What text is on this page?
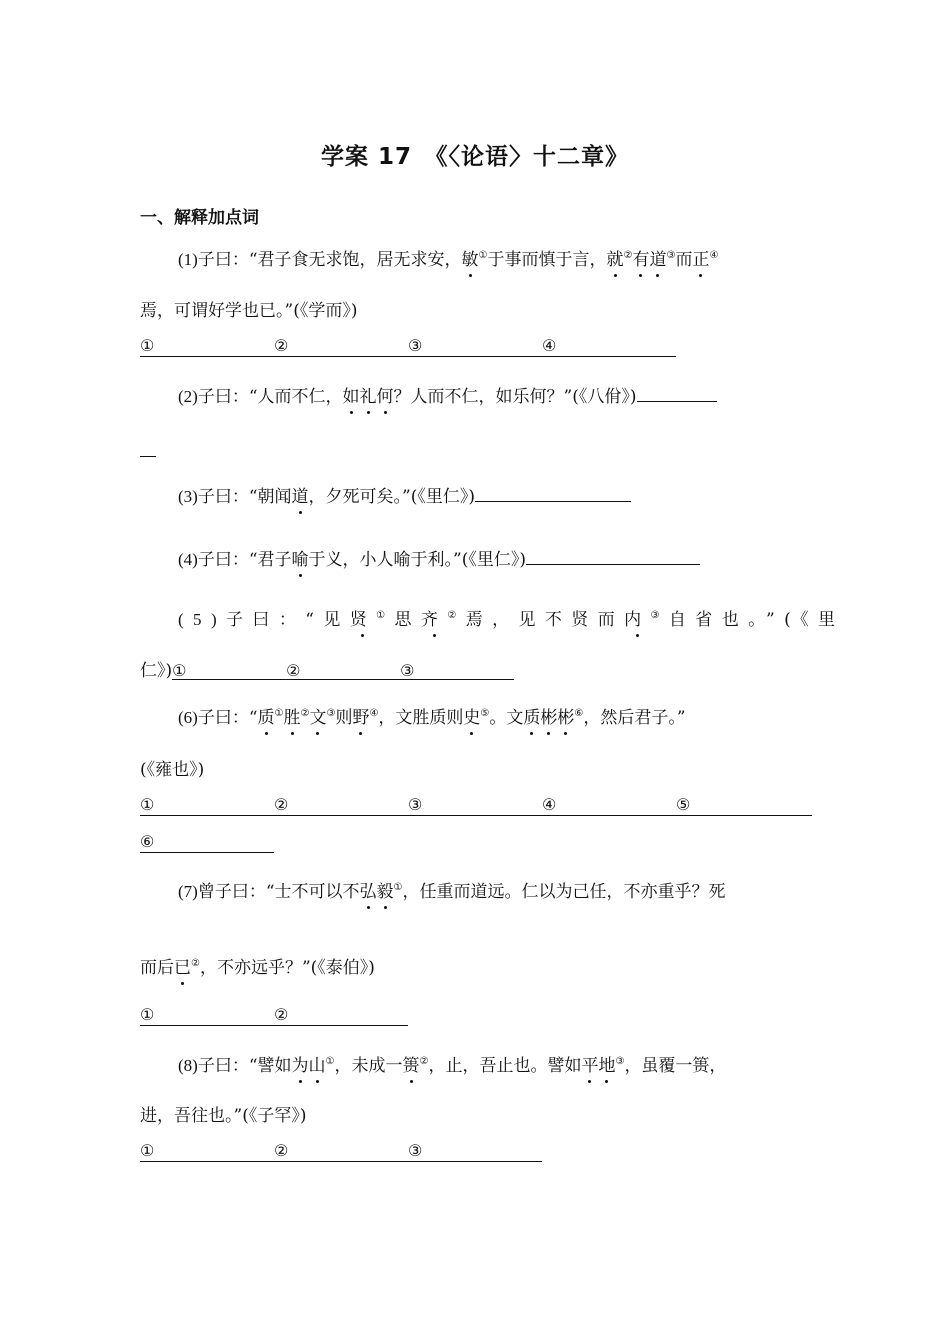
学案 17　《〈论语〉十二章》
一、解释加点词
(1)子曰：“君子食无求饱，居无求安，敏①于事而慎于言，就②有道③而正④
焉，可谓好学也已。”(《学而》)
①	②	③	④
(2)子曰：“人而不仁，如礼何？人而不仁，如乐何？”(《八佾》)
(3)子曰：“朝闻道，夕死可矣。”(《里仁》)
(4)子曰：“君子喻于义，小人喻于利。”(《里仁》)
(5)子曰：“见贤①思齐②焉，见不贤而内③自省也。”(《里
仁》)①	②	③
(6)子曰：“质①胜②文③则野④，文胜质则史⑤。文质彬彬⑥，然后君子。”
(《雍也》)
①	②	③	④	⑤
⑥
(7)曾子曰：“士不可以不弘毅①，任重而道远。仁以为己任，不亦重乎？死
而后已②，不亦远乎？”(《泰伯》)
①	②
(8)子曰：“譬如为山①，未成一篑②，止，吾止也。譬如平地③，虽覆一篑，
进，吾往也。”(《子罕》)
①	②	③
